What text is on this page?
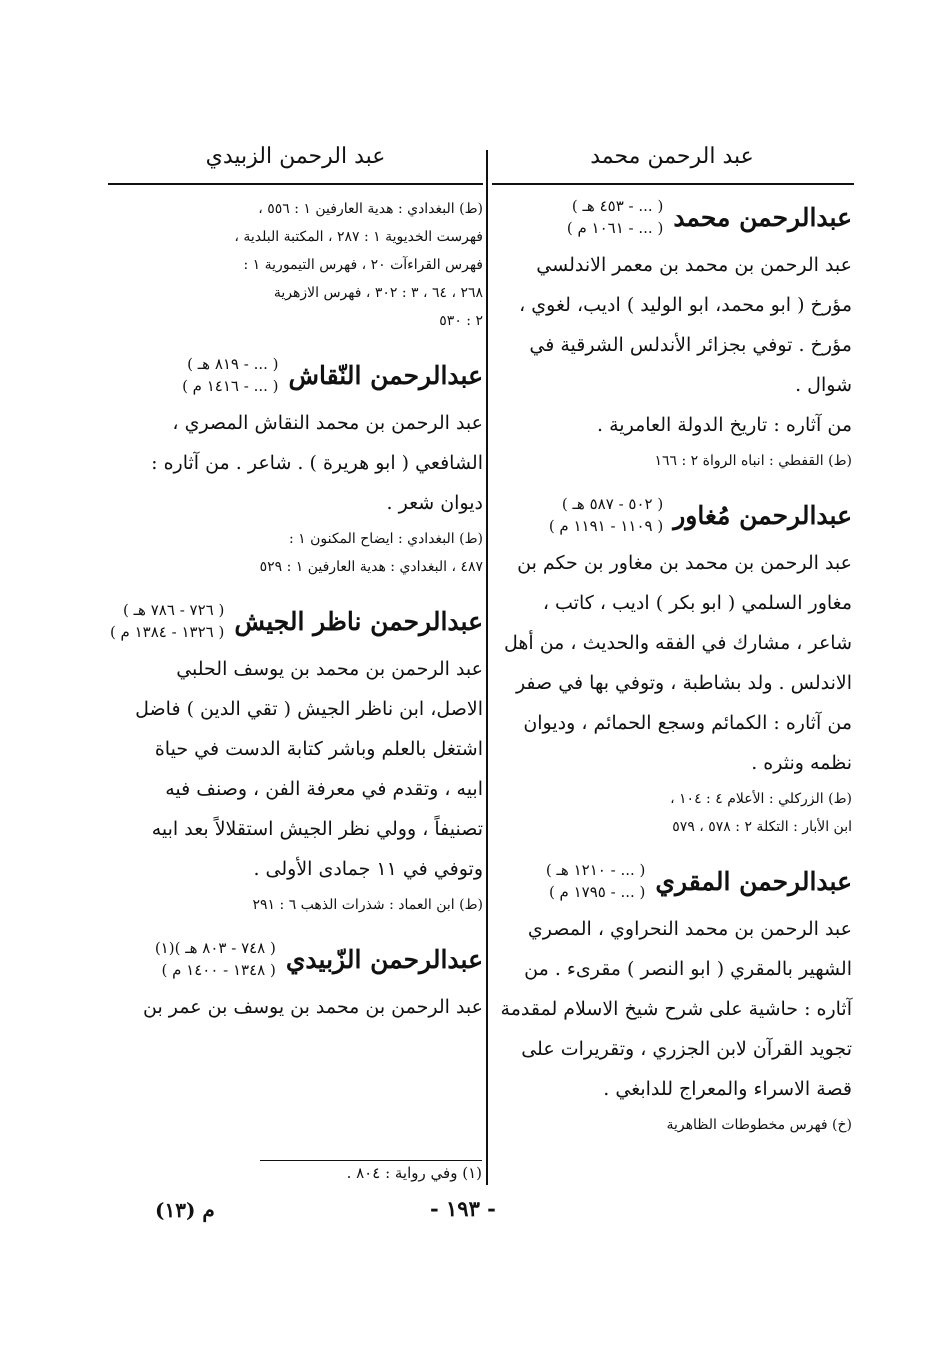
عبد الرحمن محمد
عبدالرحمن محمد
( ... - ٤٥٣ هـ )
( ... - ١٠٦١ م )
عبد الرحمن بن محمد بن معمر الاندلسي
مؤرخ ( ابو محمد، ابو الوليد ) اديب، لغوي ،
مؤرخ . توفي بجزائر الأندلس الشرقية في شوال .
من آثاره : تاريخ الدولة العامرية .
(ط) القفطي : انباه الرواة ٢ : ١٦٦
عبدالرحمن مُغاور
( ٥٠٢ - ٥٨٧ هـ )
( ١١٠٩ - ١١٩١ م )
عبد الرحمن بن محمد بن مغاور بن حكم بن
مغاور السلمي ( ابو بكر ) اديب ، كاتب ،
شاعر ، مشارك في الفقه والحديث ، من أهل
الاندلس . ولد بشاطبة ، وتوفي بها في صفر
من آثاره : الكمائم وسجع الحمائم ، وديوان
نظمه ونثره .
(ط) الزركلي : الأعلام ٤ : ١٠٤ ،
ابن الأبار : التكلة ٢ : ٥٧٨ ، ٥٧٩
عبدالرحمن المقري
( ... - ١٢١٠ هـ )
( ... - ١٧٩٥ م )
عبد الرحمن بن محمد النحراوي ، المصري
الشهير بالمقري ( ابو النصر ) مقرىء . من
آثاره : حاشية على شرح شيخ الاسلام لمقدمة
تجويد القرآن لابن الجزري ، وتقريرات على
قصة الاسراء والمعراج للدابغي .
(خ) فهرس مخطوطات الظاهرية
عبد الرحمن الزبيدي
(ط) البغدادي : هدية العارفين ١ : ٥٥٦ ،
فهرست الخديوية ١ : ٢٨٧ ، المكتبة البلدية ،
فهرس القراءآت ٢٠ ، فهرس التيمورية ١ :
٢٦٨ ، ٦٤ ، ٣ : ٣٠٢ ، فهرس الازهرية
٢ : ٥٣٠
عبدالرحمن النّقاش
( ... - ٨١٩ هـ )
( ... - ١٤١٦ م )
عبد الرحمن بن محمد النقاش المصري ،
الشافعي ( ابو هريرة ) . شاعر . من آثاره :
ديوان شعر .
(ط) البغدادي : ايضاح المكنون ١ :
٤٨٧ ، البغدادي : هدية العارفين ١ : ٥٢٩
عبدالرحمن ناظر الجيش
( ٧٢٦ - ٧٨٦ هـ )
( ١٣٢٦ - ١٣٨٤ م )
عبد الرحمن بن محمد بن يوسف الحلبي
الاصل، ابن ناظر الجيش ( تقي الدين ) فاضل
اشتغل بالعلم وباشر كتابة الدست في حياة
ابيه ، وتقدم في معرفة الفن ، وصنف فيه
تصنيفاً ، وولي نظر الجيش استقلالاً بعد ابيه
وتوفي في ١١ جمادى الأولى .
(ط) ابن العماد : شذرات الذهب ٦ : ٢٩١
عبدالرحمن الزّبيدي
( ٧٤٨ - ٨٠٣ هـ )(١)
( ١٣٤٨ - ١٤٠٠ م )
عبد الرحمن بن محمد بن يوسف بن عمر بن
(١) وفي رواية : ٨٠٤ .
- ١٩٣ -
م (١٣)
